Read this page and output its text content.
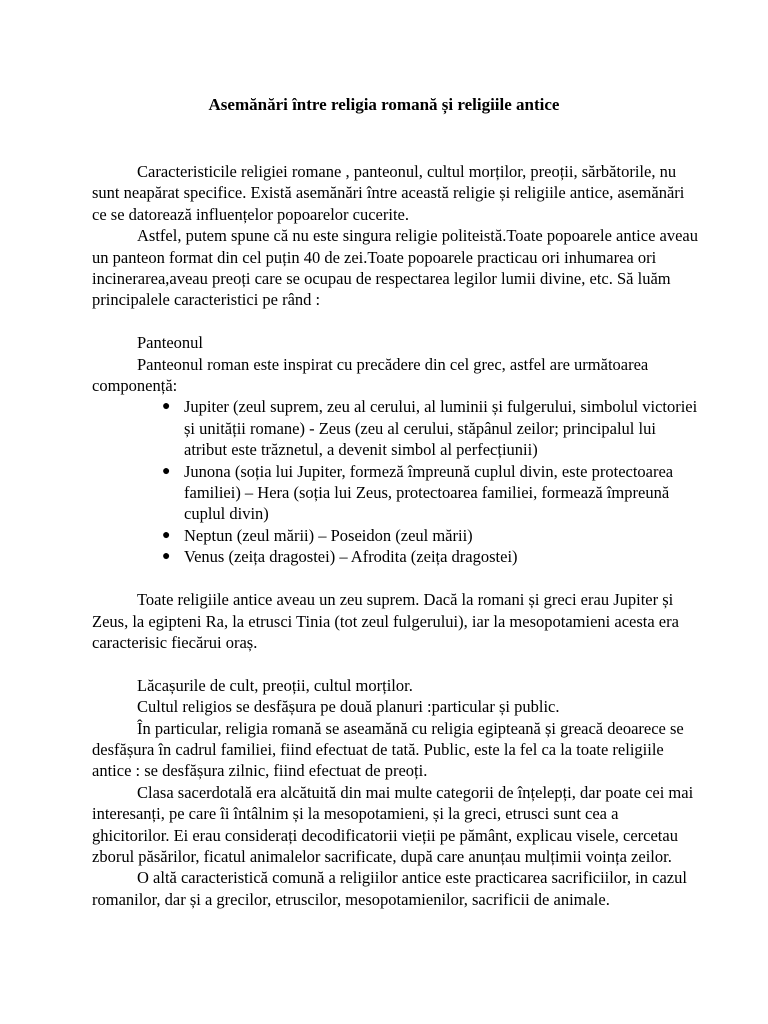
Asemănări între religia romană și religiile antice

Caracteristicile religiei romane , panteonul, cultul morților, preoții, sărbătorile, nu sunt neapărat specifice. Există asemănări între această religie și religiile antice, asemănări ce se datorează influențelor popoarelor cucerite.

Astfel, putem spune că nu este singura religie politeistă.Toate popoarele antice aveau un panteon format din cel puțin 40 de zei.Toate popoarele practicau ori inhumarea ori incinerarea,aveau preoți care se ocupau de respectarea legilor lumii divine, etc. Să luăm principalele caracteristici pe rând :

Panteonul

Panteonul roman este inspirat cu precădere din cel grec, astfel are următoarea componență:

● Jupiter (zeul suprem, zeu al cerului, al luminii și fulgerului, simbolul victoriei și unității romane) - Zeus (zeu al cerului, stăpânul zeilor; principalul lui atribut este trăznetul, a devenit simbol al perfecțiunii)
● Junona (soția lui Jupiter, formeză împreună cuplul divin, este protectoarea familiei) – Hera (soția lui Zeus, protectoarea familiei, formează împreună cuplul divin)
● Neptun (zeul mării) – Poseidon (zeul mării)
● Venus (zeița dragostei) – Afrodita (zeița dragostei)

Toate religiile antice aveau un zeu suprem. Dacă la romani și greci erau Jupiter și Zeus, la egipteni Ra, la etrusci Tinia (tot zeul fulgerului), iar la mesopotamieni acesta era caracterisic fiecărui oraș.

Lăcașurile de cult, preoții, cultul morților.
Cultul religios se desfășura pe două planuri :particular și public.

În particular, religia romană se aseamănă cu religia egipteană și greacă deoarece se desfășura în cadrul familiei, fiind efectuat de tată. Public, este la fel ca la toate religiile antice : se desfășura zilnic, fiind efectuat de preoți.

Clasa sacerdotală era alcătuită din mai multe categorii de înțelepți, dar poate cei mai interesanți, pe care îi întâlnim și la mesopotamieni, și la greci, etrusci sunt cea a ghicitorilor. Ei erau considerați decodificatorii vieții pe pământ, explicau visele, cercetau zborul păsărilor, ficatul animalelor sacrificate, după care anunțau mulțimii voința zeilor.

O altă caracteristică comună a religiilor antice este practicarea sacrificiilor, in cazul romanilor, dar și a grecilor, etruscilor, mesopotamienilor, sacrificii de animale.
